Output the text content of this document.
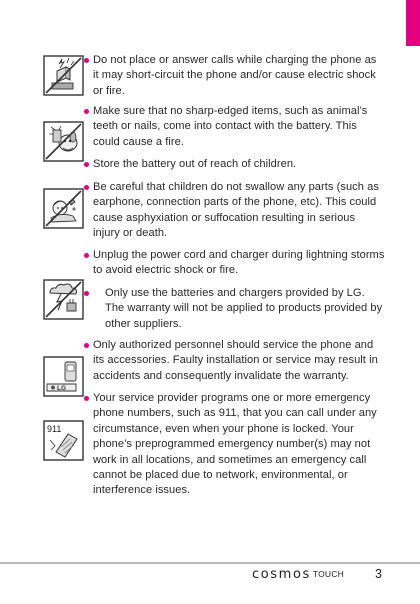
LG
911
Do not place or answer calls while charging the phone as it may short-circuit the phone and/or cause electric shock or fire.
Make sure that no sharp-edged items, such as animal’s teeth or nails, come into contact with the battery. This could cause a fire.
Store the battery out of reach of children.
Be careful that children do not swallow any parts (such as earphone, connection parts of the phone, etc). This could cause asphyxiation or suffocation resulting in serious injury or death.
Unplug the power cord and charger during lightning storms to avoid electric shock or fire.
Only use the batteries and chargers provided by LG. The warranty will not be applied to products provided by other suppliers.
Only authorized personnel should service the phone and its accessories. Faulty installation or service may result in accidents and consequently invalidate the warranty.
Your service provider programs one or more emergency phone numbers, such as 911, that you can call under any circumstance, even when your phone is locked. Your phone’s preprogrammed emergency number(s) may not work in all locations, and sometimes an emergency call cannot be placed due to network, environmental, or interference issues.
cosmos TOUCH 3
